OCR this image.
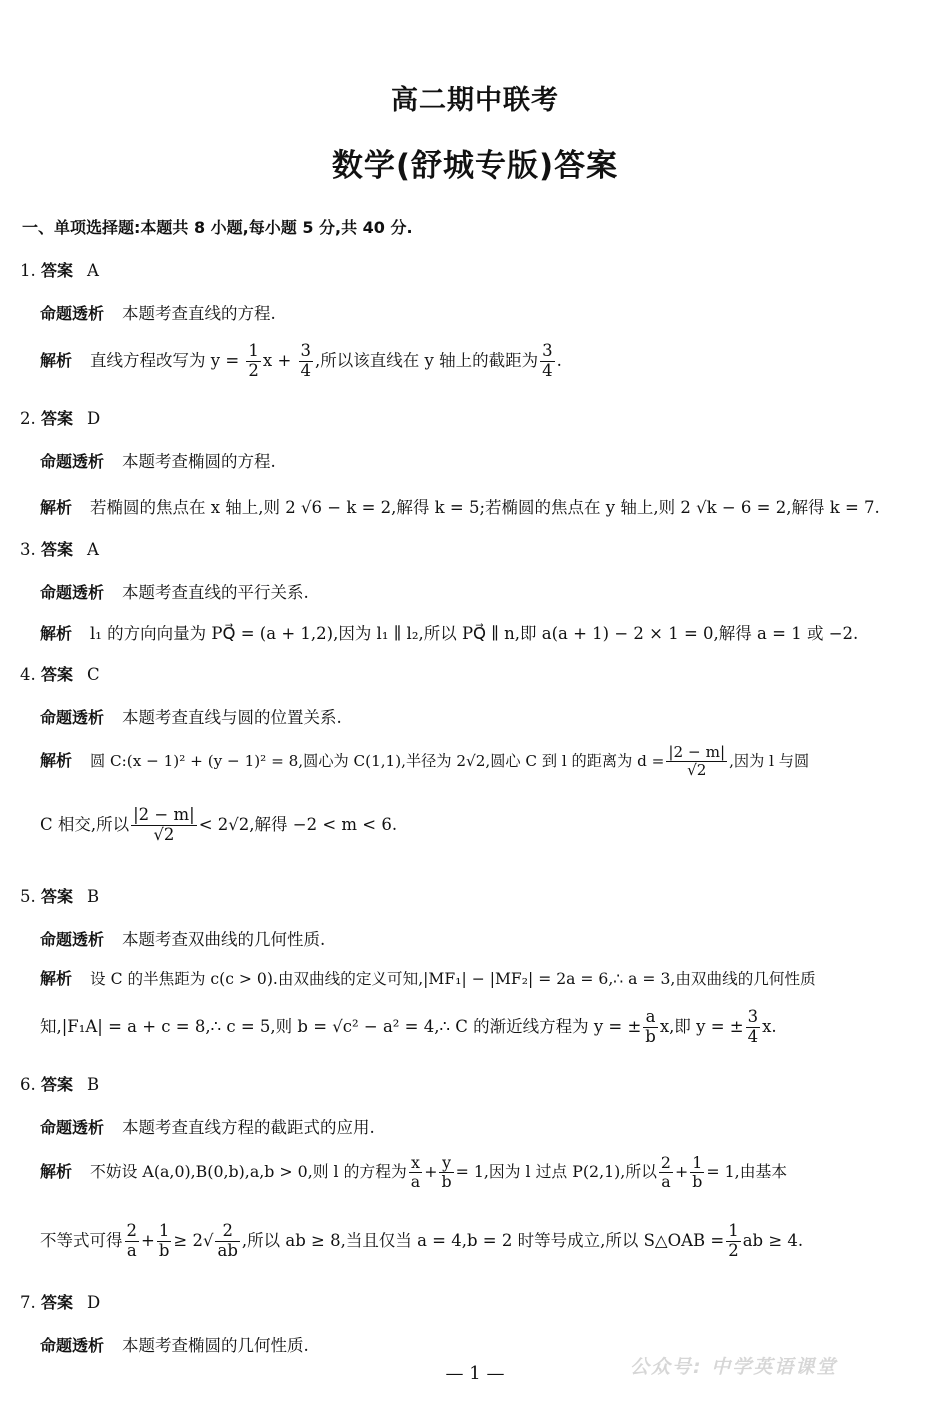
高二期中联考
数学(舒城专版)答案
一、单项选择题:本题共 8 小题,每小题 5 分,共 40 分.
1. 答案 A
命题透析 本题考查直线的方程.
解析 直线方程改写为 $y = \frac{1}{2}$ $x + \frac{3}{4}$ ,所以该直线在 y 轴上的截距为 $\frac{3}{4}$ .
2. 答案 D
命题透析 本题考查椭圆的方程.
解析 若椭圆的焦点在 x 轴上,则 2 √6 − k = 2,解得 k = 5;若椭圆的焦点在 y 轴上,则 2 √k − 6 = 2,解得 k = 7.
3. 答案 A
命题透析 本题考查直线的平行关系.
解析 l₁ 的方向向量为 PQ⃗ = (a + 1,2),因为 l₁ ∥ l₂,所以 PQ⃗ ∥ n,即 a(a + 1) − 2 × 1 = 0,解得 a = 1 或 −2.
4. 答案 C
命题透析 本题考查直线与圆的位置关系.
解析 圆 C:(x − 1)² + (y − 1)² = 8,圆心为 C(1,1),半径为 2√2,圆心 C 到 l 的距离为 $d = \frac{|2 - m|}{√2}$ ,因为 l 与圆
C 相交,所以 $\frac{|2 - m|}{√2} < 2√2$,解得 −2 < m < 6.
5. 答案 B
命题透析 本题考查双曲线的几何性质.
解析 设 C 的半焦距为 c(c > 0).由双曲线的定义可知,|MF₁| − |MF₂| = 2a = 6,∴ a = 3,由双曲线的几何性质
知,|F₁A| = a + c = 8,∴ c = 5,则 b = √c² − a² = 4,∴ C 的渐近线方程为 y = ± $\frac{a}{b} x$,即 y = ± $\frac{3}{4} x$.
6. 答案 B
命题透析 本题考查直线方程的截距式的应用.
解析 不妨设 A(a,0),B(0,b),a,b > 0,则 l 的方程为 $\frac{x}{a} + \frac{y}{b} = 1$,因为 l 过点 P(2,1),所以 $\frac{2}{a} + \frac{1}{b} = 1$,由基本
不等式可得 $\frac{2}{a} + \frac{1}{b} \ge 2√ \frac{2}{ab}$ ,所以 ab ≥ 8,当且仅当 a = 4,b = 2 时等号成立,所以 S△OAB = $\frac{1}{2}$ ab ≥ 4.
7. 答案 D
命题透析 本题考查椭圆的几何性质.
公众号: 中学英语课堂
— 1 —
